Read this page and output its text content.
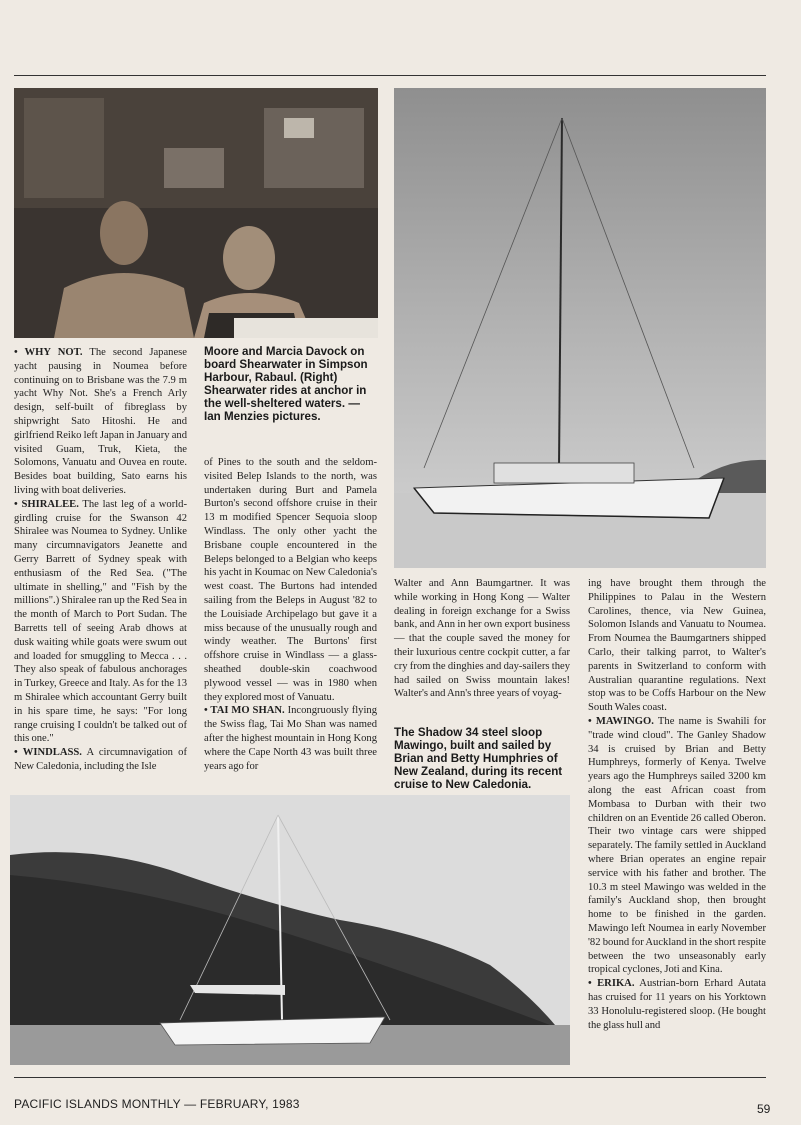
Moore and Marcia Davock on board Shearwater in Simpson Harbour, Rabaul. (Right) Shearwater rides at anchor in the well-sheltered waters. — Ian Menzies pictures.
The Shadow 34 steel sloop Mawingo, built and sailed by Brian and Betty Humphries of New Zealand, during its recent cruise to New Caledonia.

• WHY NOT. The second Japanese yacht pausing in Noumea before continuing on to Brisbane was the 7.9 m yacht Why Not. She's a French Arly design, self-built of fibreglass by shipwright Sato Hitoshi. He and girlfriend Reiko left Japan in January and visited Guam, Truk, Kieta, the Solomons, Vanuatu and Ouvea en route. Besides boat building, Sato earns his living with boat deliveries.

• SHIRALEE. The last leg of a world-girdling cruise for the Swanson 42 Shiralee was Noumea to Sydney. Unlike many circumnavigators Jeanette and Gerry Barrett of Sydney speak with enthusiasm of the Red Sea. ("The ultimate in shelling," and "Fish by the millions".) Shiralee ran up the Red Sea in the month of March to Port Sudan. The Barretts tell of seeing Arab dhows at dusk waiting while goats were swum out and loaded for smuggling to Mecca . . . They also speak of fabulous anchorages in Turkey, Greece and Italy. As for the 13 m Shiralee which accountant Gerry built in his spare time, he says: "For long range cruising I couldn't be talked out of this one."

• WINDLASS. A circumnavigation of New Caledonia, including the Isle

of Pines to the south and the seldom-visited Belep Islands to the north, was undertaken during Burt and Pamela Burton's second offshore cruise in their 13 m modified Spencer Sequoia sloop Windlass. The only other yacht the Brisbane couple encountered in the Beleps belonged to a Belgian who keeps his yacht in Koumac on New Caledonia's west coast. The Burtons had intended sailing from the Beleps in August '82 to the Louisiade Archipelago but gave it a miss because of the unusually rough and windy weather. The Burtons' first offshore cruise in Windlass — a glass-sheathed double-skin coachwood plywood vessel — was in 1980 when they explored most of Vanuatu.

• TAI MO SHAN. Incongruously flying the Swiss flag, Tai Mo Shan was named after the highest mountain in Hong Kong where the Cape North 43 was built three years ago for

Walter and Ann Baumgartner. It was while working in Hong Kong — Walter dealing in foreign exchange for a Swiss bank, and Ann in her own export business — that the couple saved the money for their luxurious centre cockpit cutter, a far cry from the dinghies and day-sailers they had sailed on Swiss mountain lakes! Walter's and Ann's three years of voyag-

ing have brought them through the Philippines to Palau in the Western Carolines, thence, via New Guinea, Solomon Islands and Vanuatu to Noumea. From Noumea the Baumgartners shipped Carlo, their talking parrot, to Walter's parents in Switzerland to conform with Australian quarantine regulations. Next stop was to be Coffs Harbour on the New South Wales coast.

• MAWINGO. The name is Swahili for "trade wind cloud". The Ganley Shadow 34 is cruised by Brian and Betty Humphreys, formerly of Kenya. Twelve years ago the Humphreys sailed 3200 km along the east African coast from Mombasa to Durban with their two children on an Eventide 26 called Oberon. Their two vintage cars were shipped separately. The family settled in Auckland where Brian operates an engine repair service with his father and brother. The 10.3 m steel Mawingo was welded in the family's Auckland shop, then brought home to be finished in the garden. Mawingo left Noumea in early November '82 bound for Auckland in the short respite between the two unseasonably early tropical cyclones, Joti and Kina.

• ERIKA. Austrian-born Erhard Autata has cruised for 11 years on his Yorktown 33 Honolulu-registered sloop. (He bought the glass hull and

PACIFIC ISLANDS MONTHLY — FEBRUARY, 1983	59
